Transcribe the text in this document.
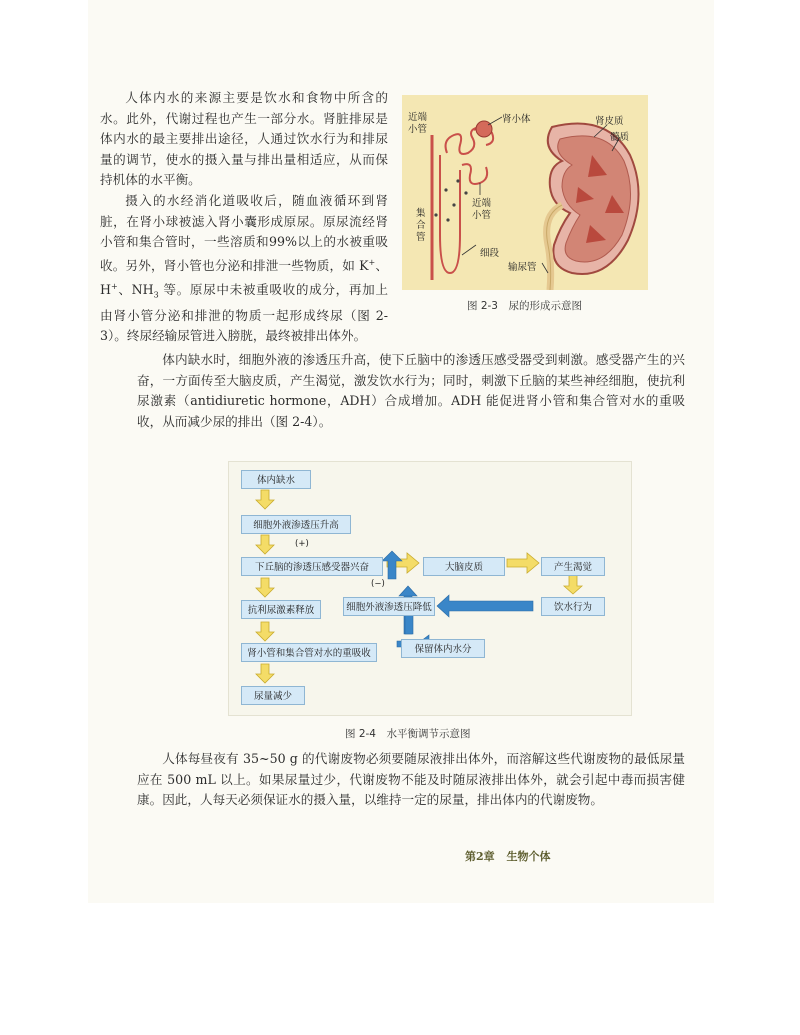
人体内水的来源主要是饮水和食物中所含的水。此外，代谢过程也产生一部分水。肾脏排尿是体内水的最主要排出途径，人通过饮水行为和排尿量的调节，使水的摄入量与排出量相适应，从而保持机体的水平衡。

摄入的水经消化道吸收后，随血液循环到肾脏，在肾小球被滤入肾小囊形成原尿。原尿流经肾小管和集合管时，一些溶质和99%以上的水被重吸收。另外，肾小管也分泌和排泄一些物质，如 K+、H+、$NH_3$ 等。原尿中未被重吸收的成分，再加上由肾小管分泌和排泄的物质一起形成终尿（图 2-3）。终尿经输尿管进入膀胱，最终被排出体外。

近端
小管
肾小体	肾皮质
髓质
近端
小管
集
合
管
细段
输尿管
图 2-3　尿的形成示意图

体内缺水时，细胞外液的渗透压升高，使下丘脑中的渗透压感受器受到刺激。感受器产生的兴奋，一方面传至大脑皮质，产生渴觉，激发饮水行为；同时，刺激下丘脑的某些神经细胞，使抗利尿激素（antidiuretic hormone，ADH）合成增加。ADH 能促进肾小管和集合管对水的重吸收，从而减少尿的排出（图 2-4）。

体内缺水
细胞外液渗透压升高
(+)
下丘脑的渗透压感受器兴奋	大脑皮质	产生渴觉
(−)
抗利尿激素释放	细胞外液渗透压降低	饮水行为
肾小管和集合管对水的重吸收	保留体内水分
尿量减少
图 2-4　水平衡调节示意图

人体每昼夜有 35~50 g 的代谢废物必须要随尿液排出体外，而溶解这些代谢废物的最低尿量应在 500 mL 以上。如果尿量过少，代谢废物不能及时随尿液排出体外，就会引起中毒而损害健康。因此，人每天必须保证水的摄入量，以维持一定的尿量，排出体内的代谢废物。

第2章 生物个体
